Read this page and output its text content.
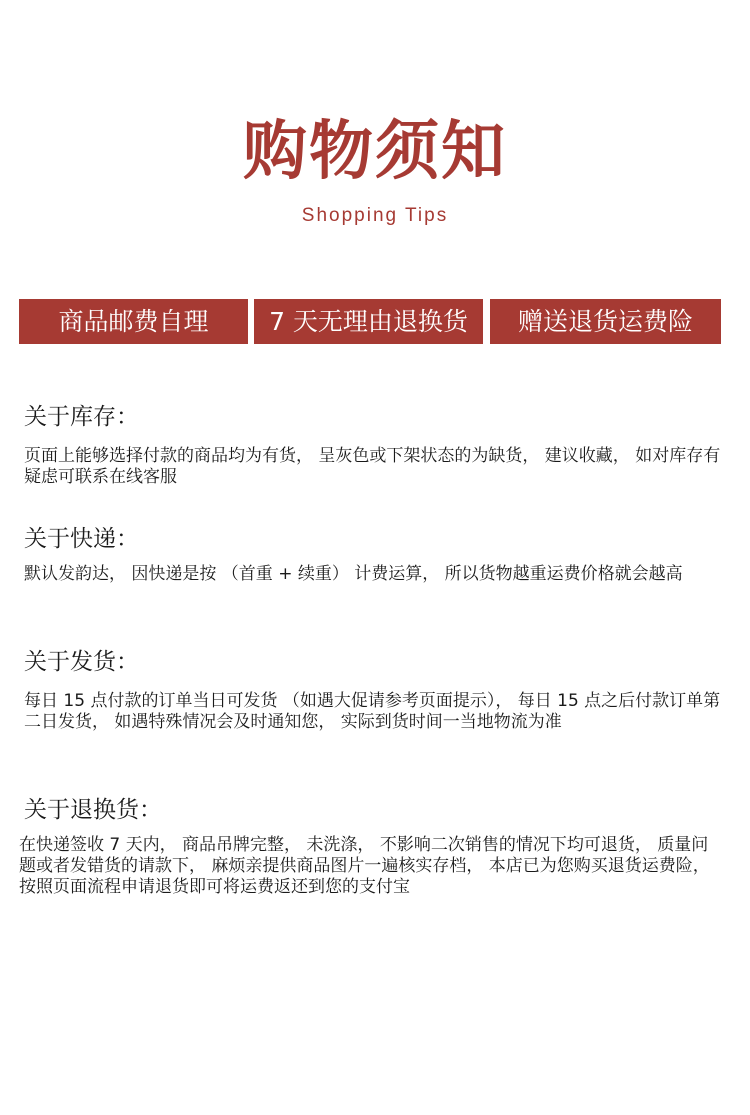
购物须知
Shopping Tips
商品邮费自理	7 天无理由退换货	赠送退货运费险
关于库存：

页面上能够选择付款的商品均为有货， 呈灰色或下架状态的为缺货， 建议收藏， 如对库存有疑虑可联系在线客服

关于快递：

默认发韵达， 因快递是按 （首重 + 续重） 计费运算， 所以货物越重运费价格就会越高

关于发货：

每日 15 点付款的订单当日可发货 （如遇大促请参考页面提示）， 每日 15 点之后付款订单第二日发货， 如遇特殊情况会及时通知您， 实际到货时间一当地物流为准

关于退换货：

在快递签收 7 天内， 商品吊牌完整， 未洗涤， 不影响二次销售的情况下均可退货， 质量问题或者发错货的请款下， 麻烦亲提供商品图片一遍核实存档， 本店已为您购买退货运费险， 按照页面流程申请退货即可将运费返还到您的支付宝
